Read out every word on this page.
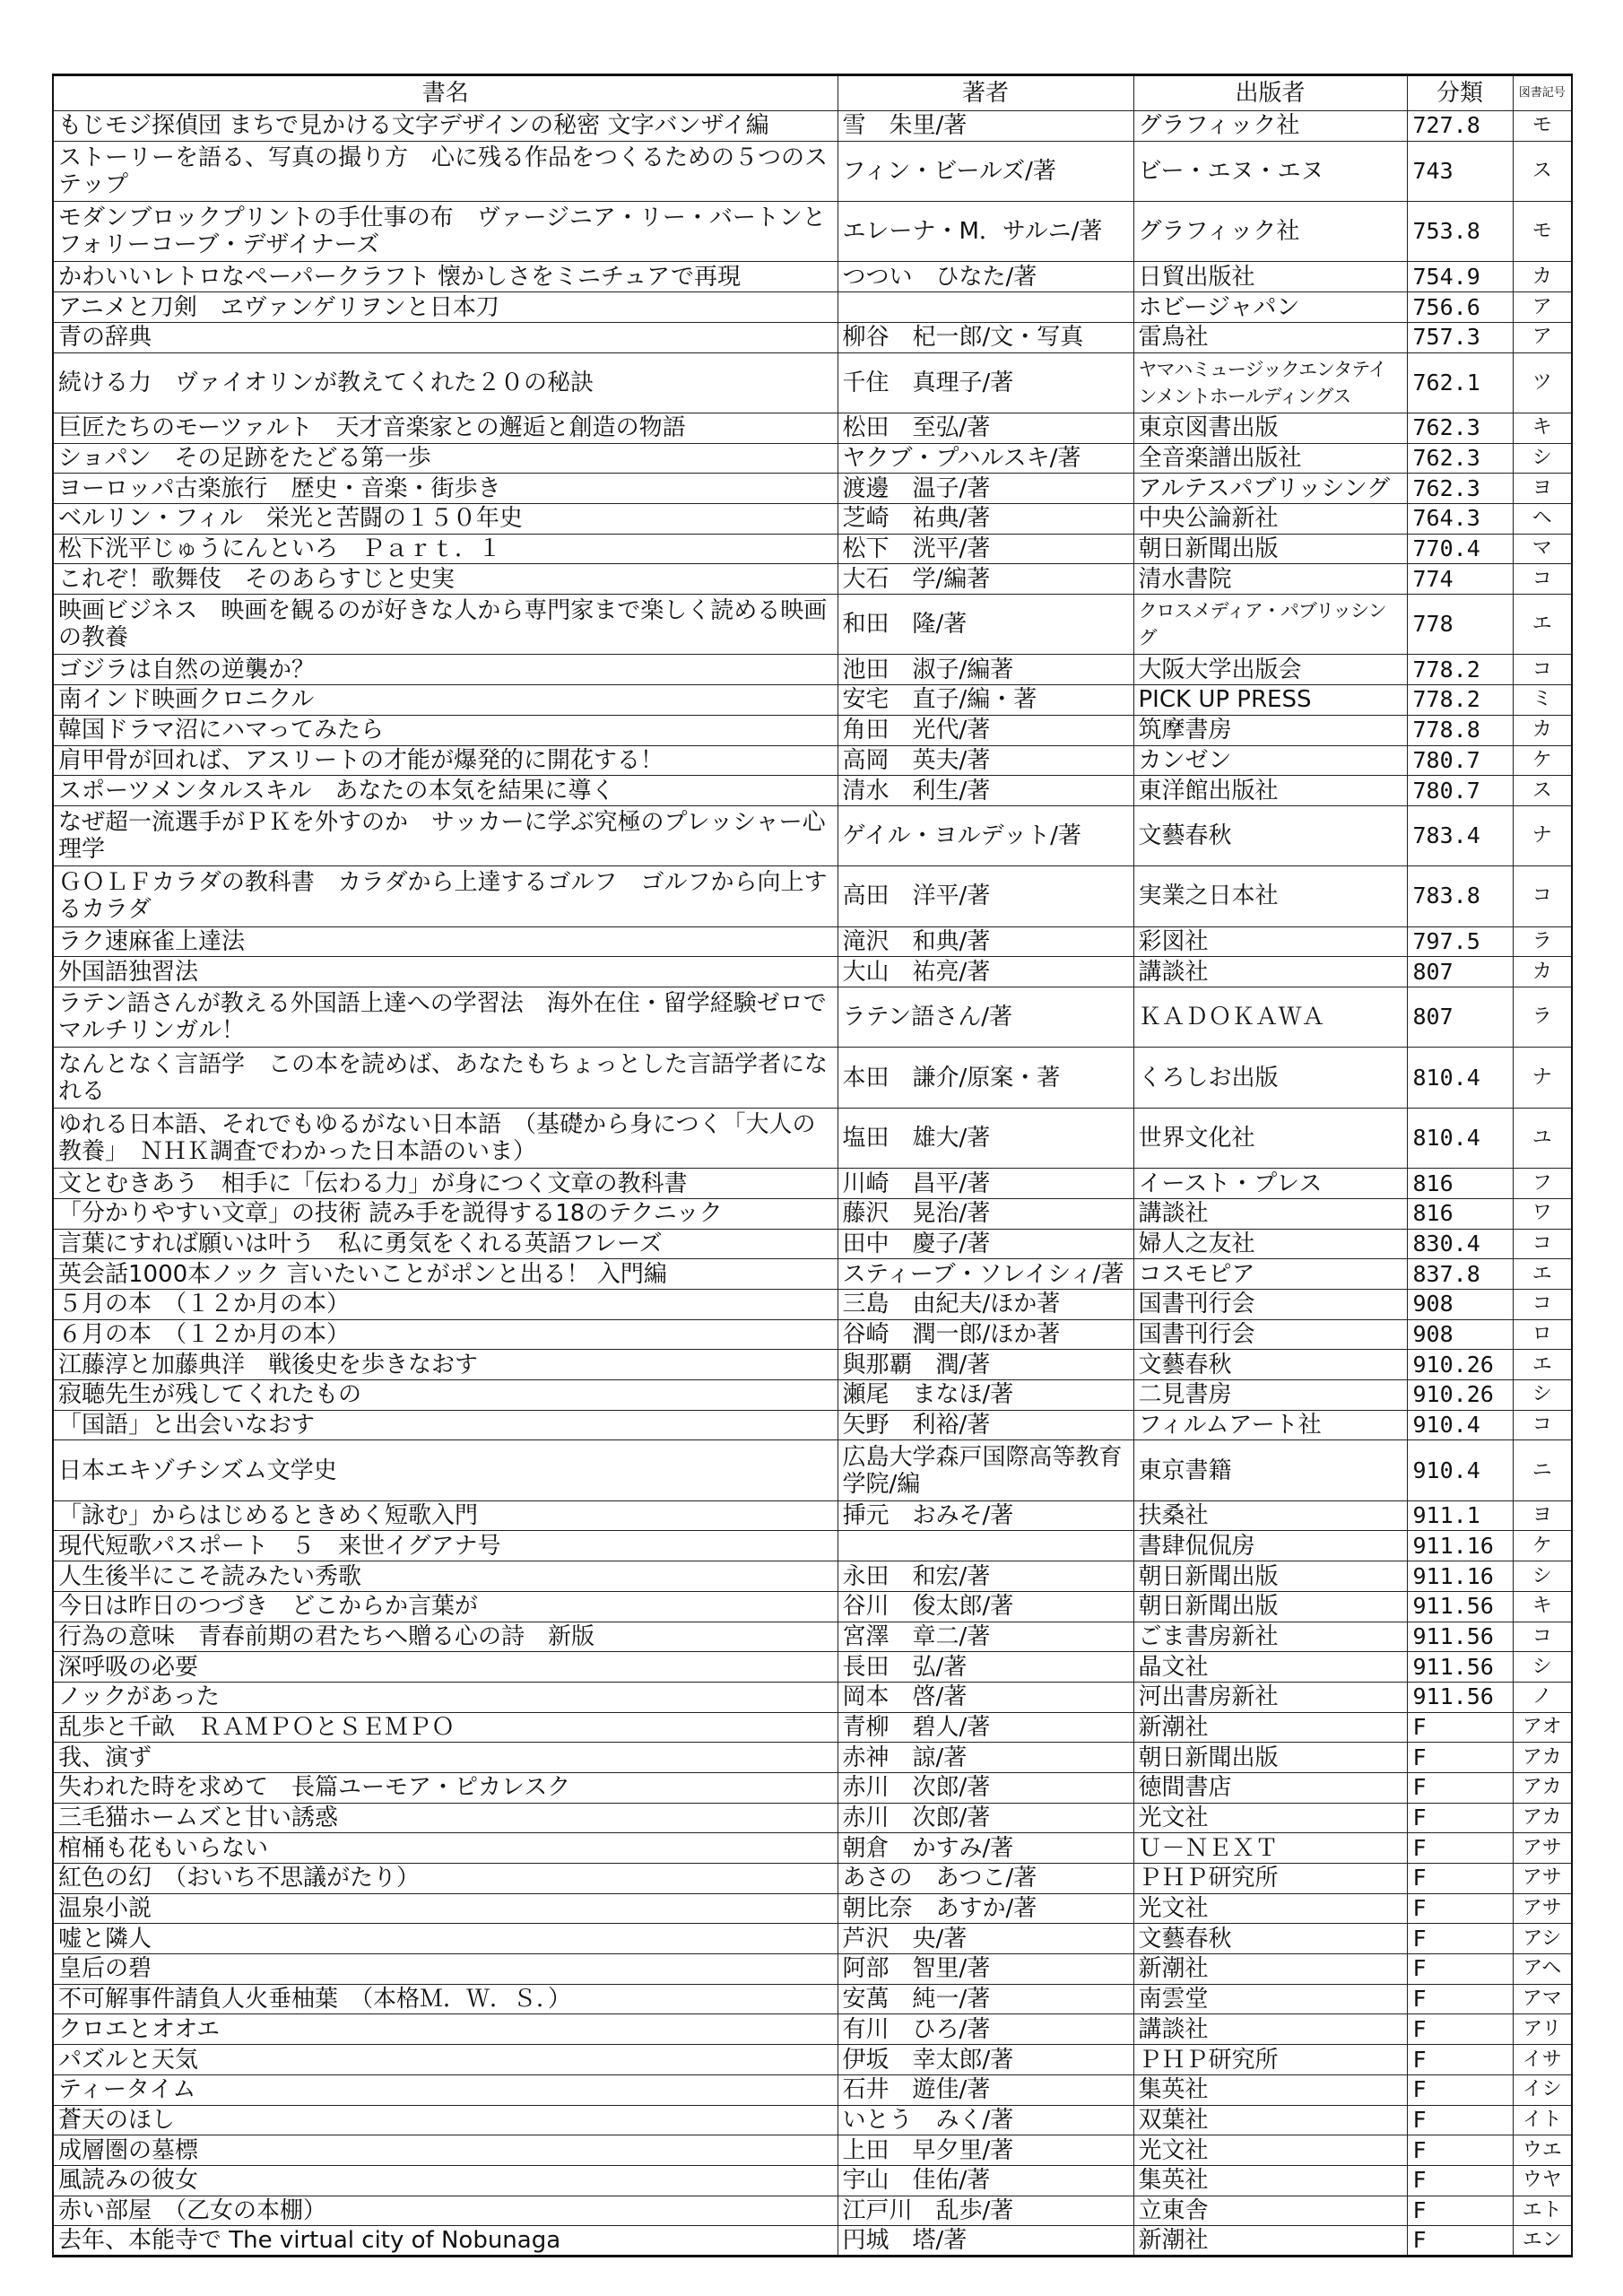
書名	著者	出版者	分類	図書記号
もじモジ探偵団 まちで見かける文字デザインの秘密 文字バンザイ編	雪　朱里/著	グラフィック社	727.8	モ
ストーリーを語る、写真の撮り方　心に残る作品をつくるための５つのステップ	フィン・ビールズ/著	ビー・エヌ・エヌ	743	ス
モダンブロックプリントの手仕事の布　ヴァージニア・リー・バートンとフォリーコーブ・デザイナーズ	エレーナ・M．サルニ/著	グラフィック社	753.8	モ
かわいいレトロなペーパークラフト 懐かしさをミニチュアで再現	つつい　ひなた/著	日貿出版社	754.9	カ
アニメと刀剣　ヱヴァンゲリヲンと日本刀		ホビージャパン	756.6	ア
青の辞典	柳谷　杞一郎/文・写真	雷鳥社	757.3	ア
続ける力　ヴァイオリンが教えてくれた２０の秘訣	千住　真理子/著	ヤマハミュージックエンタテインメントホールディングス	762.1	ツ
巨匠たちのモーツァルト　天才音楽家との邂逅と創造の物語	松田　至弘/著	東京図書出版	762.3	キ
ショパン　その足跡をたどる第一歩	ヤクブ・プハルスキ/著	全音楽譜出版社	762.3	シ
ヨーロッパ古楽旅行　歴史・音楽・街歩き	渡邊　温子/著	アルテスパブリッシング	762.3	ヨ
ベルリン・フィル　栄光と苦闘の１５０年史	芝崎　祐典/著	中央公論新社	764.3	ヘ
松下洸平じゅうにんといろ　Ｐａｒｔ．１	松下　洸平/著	朝日新聞出版	770.4	マ
これぞ！歌舞伎　そのあらすじと史実	大石　学/編著	清水書院	774	コ
映画ビジネス　映画を観るのが好きな人から専門家まで楽しく読める映画の教養	和田　隆/著	クロスメディア・パブリッシング	778	エ
ゴジラは自然の逆襲か？	池田　淑子/編著	大阪大学出版会	778.2	コ
南インド映画クロニクル	安宅　直子/編・著	PICK UP PRESS	778.2	ミ
韓国ドラマ沼にハマってみたら	角田　光代/著	筑摩書房	778.8	カ
肩甲骨が回れば、アスリートの才能が爆発的に開花する！	高岡　英夫/著	カンゼン	780.7	ケ
スポーツメンタルスキル　あなたの本気を結果に導く	清水　利生/著	東洋館出版社	780.7	ス
なぜ超一流選手がＰＫを外すのか　サッカーに学ぶ究極のプレッシャー心理学	ゲイル・ヨルデット/著	文藝春秋	783.4	ナ
ＧＯＬＦカラダの教科書　カラダから上達するゴルフ　ゴルフから向上するカラダ	高田　洋平/著	実業之日本社	783.8	コ
ラク速麻雀上達法	滝沢　和典/著	彩図社	797.5	ラ
外国語独習法	大山　祐亮/著	講談社	807	カ
ラテン語さんが教える外国語上達への学習法　海外在住・留学経験ゼロでマルチリンガル！	ラテン語さん/著	ＫＡＤＯＫＡＷＡ	807	ラ
なんとなく言語学　この本を読めば、あなたもちょっとした言語学者になれる	本田　謙介/原案・著	くろしお出版	810.4	ナ
ゆれる日本語、それでもゆるがない日本語　（基礎から身につく「大人の教養」　ＮＨＫ調査でわかった日本語のいま）	塩田　雄大/著	世界文化社	810.4	ユ
文とむきあう　相手に「伝わる力」が身につく文章の教科書	川崎　昌平/著	イースト・プレス	816	フ
「分かりやすい文章」の技術 読み手を説得する18のテクニック	藤沢　晃治/著	講談社	816	ワ
言葉にすれば願いは叶う　私に勇気をくれる英語フレーズ	田中　慶子/著	婦人之友社	830.4	コ
英会話1000本ノック 言いたいことがポンと出る！ 入門編	スティーブ・ソレイシィ/著	コスモピア	837.8	エ
５月の本　（１２か月の本）	三島　由紀夫/ほか著	国書刊行会	908	コ
６月の本　（１２か月の本）	谷崎　潤一郎/ほか著	国書刊行会	908	ロ
江藤淳と加藤典洋　戦後史を歩きなおす	與那覇　潤/著	文藝春秋	910.26	エ
寂聴先生が残してくれたもの	瀬尾　まなほ/著	二見書房	910.26	シ
「国語」と出会いなおす	矢野　利裕/著	フィルムアート社	910.4	コ
日本エキゾチシズム文学史	広島大学森戸国際高等教育学院/編	東京書籍	910.4	ニ
「詠む」からはじめるときめく短歌入門	挿元　おみそ/著	扶桑社	911.1	ヨ
現代短歌パスポート　５　来世イグアナ号		書肆侃侃房	911.16	ケ
人生後半にこそ読みたい秀歌	永田　和宏/著	朝日新聞出版	911.16	シ
今日は昨日のつづき　どこからか言葉が	谷川　俊太郎/著	朝日新聞出版	911.56	キ
行為の意味　青春前期の君たちへ贈る心の詩　新版	宮澤　章二/著	ごま書房新社	911.56	コ
深呼吸の必要	長田　弘/著	晶文社	911.56	シ
ノックがあった	岡本　啓/著	河出書房新社	911.56	ノ
乱歩と千畝　ＲＡＭＰＯとＳＥＭＰＯ	青柳　碧人/著	新潮社	F	アオ
我、演ず	赤神　諒/著	朝日新聞出版	F	アカ
失われた時を求めて　長篇ユーモア・ピカレスク	赤川　次郎/著	徳間書店	F	アカ
三毛猫ホームズと甘い誘惑	赤川　次郎/著	光文社	F	アカ
棺桶も花もいらない	朝倉　かすみ/著	Ｕ－ＮＥＸＴ	F	アサ
紅色の幻　（おいち不思議がたり）	あさの　あつこ/著	ＰＨＰ研究所	F	アサ
温泉小説	朝比奈　あすか/著	光文社	F	アサ
嘘と隣人	芦沢　央/著	文藝春秋	F	アシ
皇后の碧	阿部　智里/著	新潮社	F	アヘ
不可解事件請負人火垂柚葉　（本格Ｍ．Ｗ．Ｓ．）	安萬　純一/著	南雲堂	F	アマ
クロエとオオエ	有川　ひろ/著	講談社	F	アリ
パズルと天気	伊坂　幸太郎/著	ＰＨＰ研究所	F	イサ
ティータイム	石井　遊佳/著	集英社	F	イシ
蒼天のほし	いとう　みく/著	双葉社	F	イト
成層圏の墓標	上田　早夕里/著	光文社	F	ウエ
風読みの彼女	宇山　佳佑/著	集英社	F	ウヤ
赤い部屋　（乙女の本棚）	江戸川　乱歩/著	立東舎	F	エト
去年、本能寺で The virtual city of Nobunaga	円城　塔/著	新潮社	F	エン
